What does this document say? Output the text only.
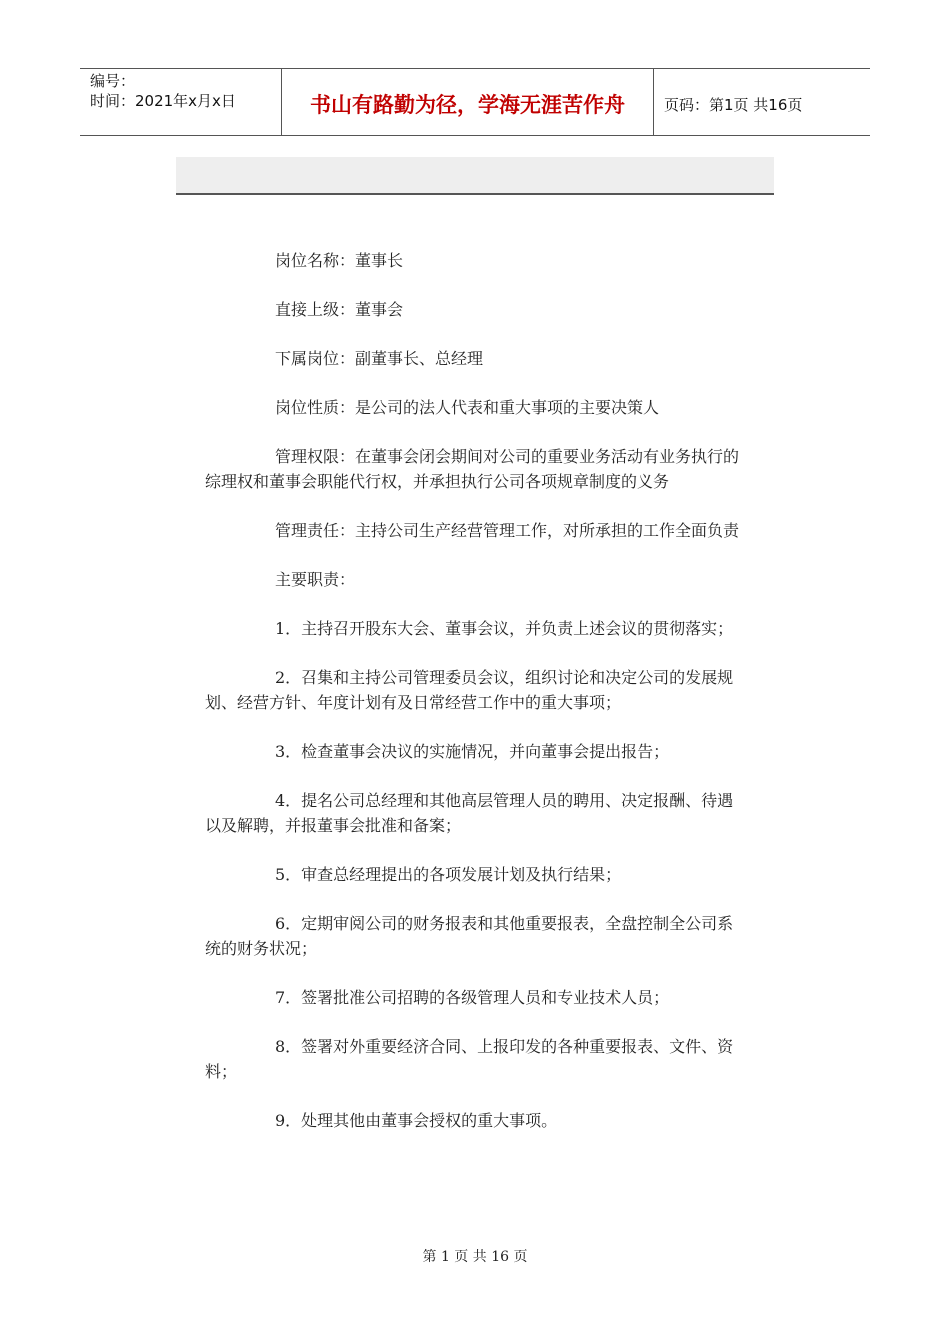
编号：
时间：2021年x月x日	书山有路勤为径，学海无涯苦作舟	页码：第1页 共16页

岗位名称：董事长

直接上级：董事会

下属岗位：副董事长、总经理

岗位性质：是公司的法人代表和重大事项的主要决策人

管理权限：在董事会闭会期间对公司的重要业务活动有业务执行的综理权和董事会职能代行权，并承担执行公司各项规章制度的义务

管理责任：主持公司生产经营管理工作，对所承担的工作全面负责

主要职责：

1．主持召开股东大会、董事会议，并负责上述会议的贯彻落实；

2．召集和主持公司管理委员会议，组织讨论和决定公司的发展规划、经营方针、年度计划有及日常经营工作中的重大事项；

3．检查董事会决议的实施情况，并向董事会提出报告；

4．提名公司总经理和其他高层管理人员的聘用、决定报酬、待遇以及解聘，并报董事会批准和备案；

5．审查总经理提出的各项发展计划及执行结果；

6．定期审阅公司的财务报表和其他重要报表，全盘控制全公司系统的财务状况；

7．签署批准公司招聘的各级管理人员和专业技术人员；

8．签署对外重要经济合同、上报印发的各种重要报表、文件、资料；

9．处理其他由董事会授权的重大事项。

第 1 页 共 16 页
